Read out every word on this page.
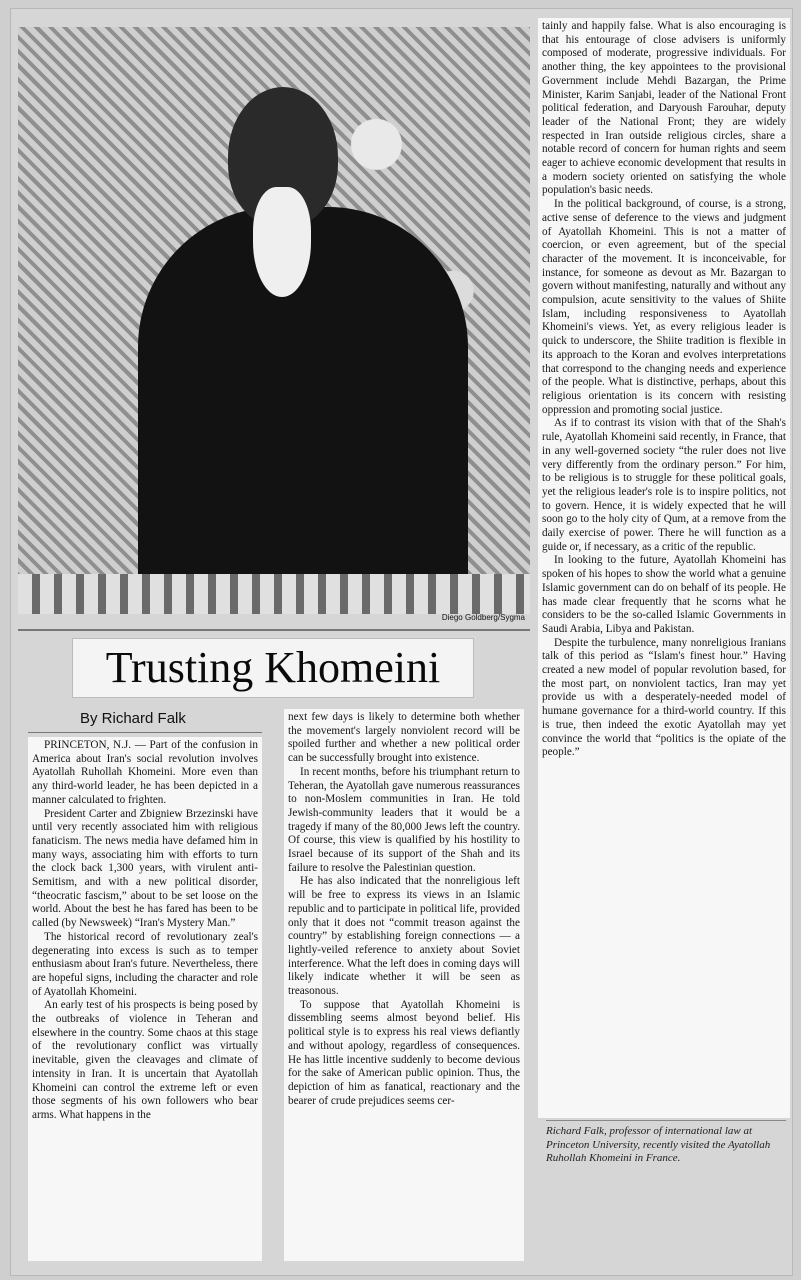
Diego Goldberg/Sygma
Trusting Khomeini
By Richard Falk

PRINCETON, N.J. — Part of the confusion in America about Iran's social revolution involves Ayatollah Ruhollah Khomeini. More even than any third-world leader, he has been depicted in a manner calculated to frighten.

President Carter and Zbigniew Brzezinski have until very recently associated him with religious fanaticism. The news media have defamed him in many ways, associating him with efforts to turn the clock back 1,300 years, with virulent anti-Semitism, and with a new political disorder, “theocratic fascism,” about to be set loose on the world. About the best he has fared has been to be called (by Newsweek) “Iran's Mystery Man.”

The historical record of revolutionary zeal's degenerating into excess is such as to temper enthusiasm about Iran's future. Nevertheless, there are hopeful signs, including the character and role of Ayatollah Khomeini.

An early test of his prospects is being posed by the outbreaks of violence in Teheran and elsewhere in the country. Some chaos at this stage of the revolutionary conflict was virtually inevitable, given the cleavages and climate of intensity in Iran. It is uncertain that Ayatollah Khomeini can control the extreme left or even those segments of his own followers who bear arms. What happens in the

next few days is likely to determine both whether the movement's largely nonviolent record will be spoiled further and whether a new political order can be successfully brought into existence.

In recent months, before his triumphant return to Teheran, the Ayatollah gave numerous reassurances to non-Moslem communities in Iran. He told Jewish-community leaders that it would be a tragedy if many of the 80,000 Jews left the country. Of course, this view is qualified by his hostility to Israel because of its support of the Shah and its failure to resolve the Palestinian question.

He has also indicated that the nonreligious left will be free to express its views in an Islamic republic and to participate in political life, provided only that it does not “commit treason against the country” by establishing foreign connections — a lightly-veiled reference to anxiety about Soviet interference. What the left does in coming days will likely indicate whether it will be seen as treasonous.

To suppose that Ayatollah Khomeini is dissembling seems almost beyond belief. His political style is to express his real views defiantly and without apology, regardless of consequences. He has little incentive suddenly to become devious for the sake of American public opinion. Thus, the depiction of him as fanatical, reactionary and the bearer of crude prejudices seems cer-

tainly and happily false. What is also encouraging is that his entourage of close advisers is uniformly composed of moderate, progressive individuals. For another thing, the key appointees to the provisional Government include Mehdi Bazargan, the Prime Minister, Karim Sanjabi, leader of the National Front political federation, and Daryoush Farouhar, deputy leader of the National Front; they are widely respected in Iran outside religious circles, share a notable record of concern for human rights and seem eager to achieve economic development that results in a modern society oriented on satisfying the whole population's basic needs.

In the political background, of course, is a strong, active sense of deference to the views and judgment of Ayatollah Khomeini. This is not a matter of coercion, or even agreement, but of the special character of the movement. It is inconceivable, for instance, for someone as devout as Mr. Bazargan to govern without manifesting, naturally and without any compulsion, acute sensitivity to the values of Shiite Islam, including responsiveness to Ayatollah Khomeini's views. Yet, as every religious leader is quick to underscore, the Shiite tradition is flexible in its approach to the Koran and evolves interpretations that correspond to the changing needs and experience of the people. What is distinctive, perhaps, about this religious orientation is its concern with resisting oppression and promoting social justice.

As if to contrast its vision with that of the Shah's rule, Ayatollah Khomeini said recently, in France, that in any well-governed society “the ruler does not live very differently from the ordinary person.” For him, to be religious is to struggle for these political goals, yet the religious leader's role is to inspire politics, not to govern. Hence, it is widely expected that he will soon go to the holy city of Qum, at a remove from the daily exercise of power. There he will function as a guide or, if necessary, as a critic of the republic.

In looking to the future, Ayatollah Khomeini has spoken of his hopes to show the world what a genuine Islamic government can do on behalf of its people. He has made clear frequently that he scorns what he considers to be the so-called Islamic Governments in Saudi Arabia, Libya and Pakistan.

Despite the turbulence, many nonreligious Iranians talk of this period as “Islam's finest hour.” Having created a new model of popular revolution based, for the most part, on nonviolent tactics, Iran may yet provide us with a desperately-needed model of humane governance for a third-world country. If this is true, then indeed the exotic Ayatollah may yet convince the world that “politics is the opiate of the people.”

Richard Falk, professor of international law at Princeton University, recently visited the Ayatollah Ruhollah Khomeini in France.
